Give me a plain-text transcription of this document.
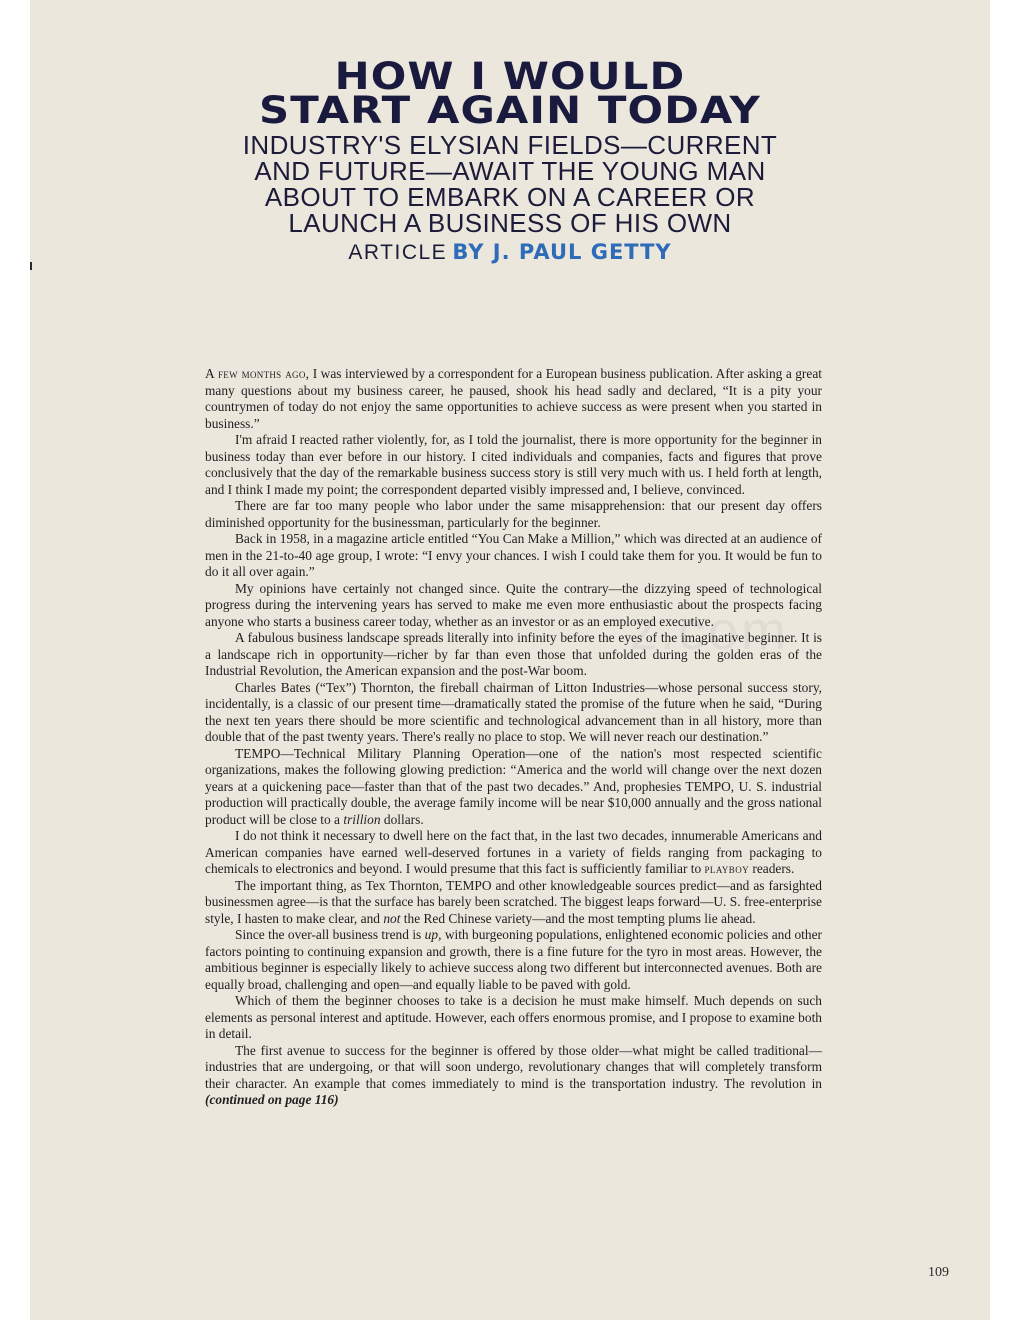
HOW I WOULD
START AGAIN TODAY
INDUSTRY'S ELYSIAN FIELDS—CURRENT
AND FUTURE—AWAIT THE YOUNG MAN
ABOUT TO EMBARK ON A CAREER OR
LAUNCH A BUSINESS OF HIS OWN
ARTICLE BY J. PAUL GETTY
z.com

A few months ago, I was interviewed by a correspondent for a European business publication. After asking a great many questions about my business career, he paused, shook his head sadly and declared, “It is a pity your countrymen of today do not enjoy the same opportunities to achieve success as were present when you started in business.”

I'm afraid I reacted rather violently, for, as I told the journalist, there is more opportunity for the beginner in business today than ever before in our history. I cited individuals and companies, facts and figures that prove conclusively that the day of the remarkable business success story is still very much with us. I held forth at length, and I think I made my point; the correspondent departed visibly impressed and, I believe, convinced.

There are far too many people who labor under the same misapprehension: that our present day offers diminished opportunity for the businessman, particularly for the beginner.

Back in 1958, in a magazine article entitled “You Can Make a Million,” which was directed at an audience of men in the 21-to-40 age group, I wrote: “I envy your chances. I wish I could take them for you. It would be fun to do it all over again.”

My opinions have certainly not changed since. Quite the contrary—the dizzying speed of technological progress during the intervening years has served to make me even more enthusiastic about the prospects facing anyone who starts a business career today, whether as an investor or as an employed executive.

A fabulous business landscape spreads literally into infinity before the eyes of the imaginative beginner. It is a landscape rich in opportunity—richer by far than even those that unfolded during the golden eras of the Industrial Revolution, the American expansion and the post-War boom.

Charles Bates (“Tex”) Thornton, the fireball chairman of Litton Industries—whose personal success story, incidentally, is a classic of our present time—dramatically stated the promise of the future when he said, “During the next ten years there should be more scientific and technological advancement than in all history, more than double that of the past twenty years. There's really no place to stop. We will never reach our destination.”

TEMPO—Technical Military Planning Operation—one of the nation's most respected scientific organizations, makes the following glowing prediction: “America and the world will change over the next dozen years at a quickening pace—faster than that of the past two decades.” And, prophesies TEMPO, U. S. industrial production will practically double, the average family income will be near $10,000 annually and the gross national product will be close to a trillion dollars.

I do not think it necessary to dwell here on the fact that, in the last two decades, innumerable Americans and American companies have earned well-deserved fortunes in a variety of fields ranging from packaging to chemicals to electronics and beyond. I would presume that this fact is sufficiently familiar to playboy readers.

The important thing, as Tex Thornton, TEMPO and other knowledgeable sources predict—and as farsighted businessmen agree—is that the surface has barely been scratched. The biggest leaps forward—U. S. free-enterprise style, I hasten to make clear, and not the Red Chinese variety—and the most tempting plums lie ahead.

Since the over-all business trend is up, with burgeoning populations, enlightened economic policies and other factors pointing to continuing expansion and growth, there is a fine future for the tyro in most areas. However, the ambitious beginner is especially likely to achieve success along two different but interconnected avenues. Both are equally broad, challenging and open—and equally liable to be paved with gold.

Which of them the beginner chooses to take is a decision he must make himself. Much depends on such elements as personal interest and aptitude. However, each offers enormous promise, and I propose to examine both in detail.

The first avenue to success for the beginner is offered by those older—what might be called traditional—industries that are undergoing, or that will soon undergo, revolutionary changes that will completely transform their character. An example that comes immediately to mind is the transportation industry. The revolution in (continued on page 116)

109
